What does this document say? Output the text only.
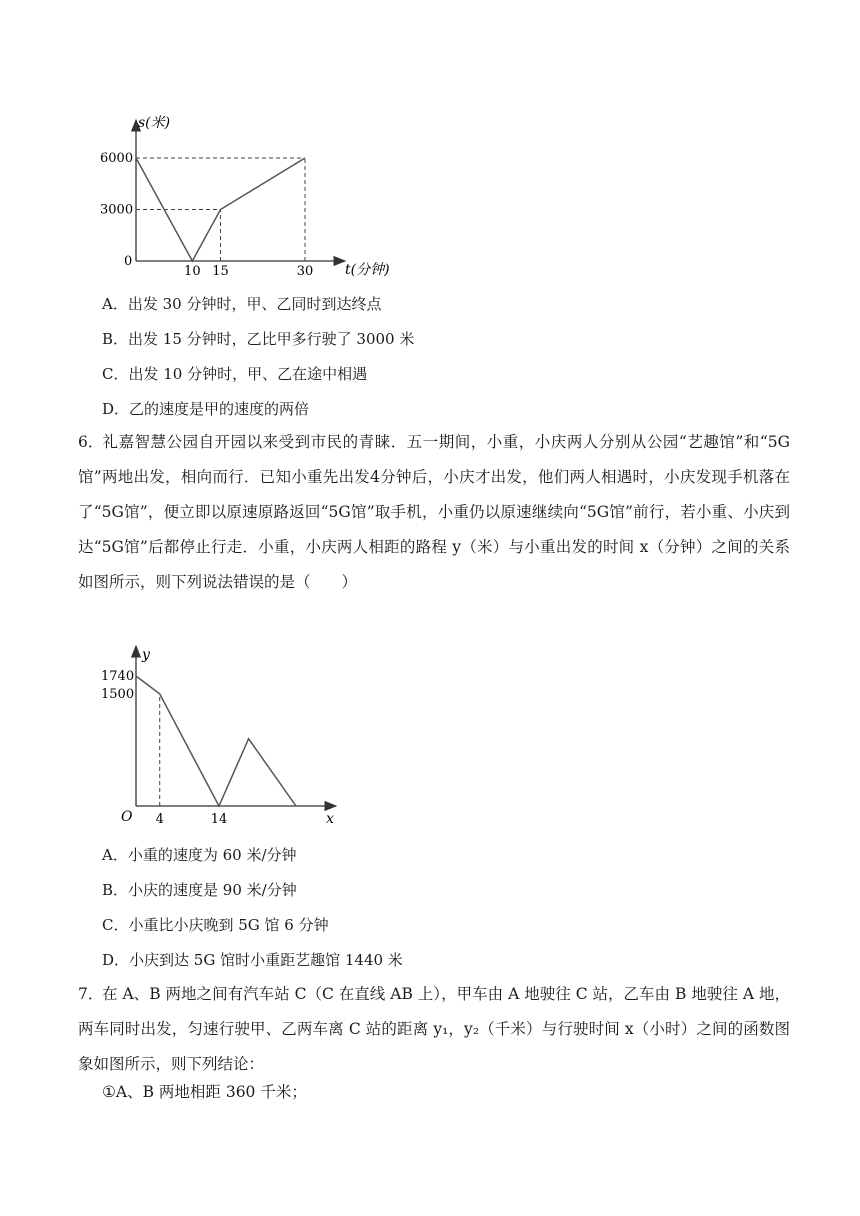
s(米)
t(分钟)
0
6000
3000
10 15	30
A．出发 30 分钟时，甲、乙同时到达终点
B．出发 15 分钟时，乙比甲多行驶了 3000 米
C．出发 10 分钟时，甲、乙在途中相遇
D．乙的速度是甲的速度的两倍
6．礼嘉智慧公园自开园以来受到市民的青睐．五一期间，小重，小庆两人分别从公园“艺趣馆”和“5G馆”两地出发，相向而行．已知小重先出发4分钟后，小庆才出发，他们两人相遇时，小庆发现手机落在了“5G馆”，便立即以原速原路返回“5G馆”取手机，小重仍以原速继续向“5G馆”前行，若小重、小庆到达“5G馆”后都停止行走．小重，小庆两人相距的路程 y（米）与小重出发的时间 x（分钟）之间的关系如图所示，则下列说法错误的是（　　）
y
x
O
1740
1500
4	14
A．小重的速度为 60 米/分钟
B．小庆的速度是 90 米/分钟
C．小重比小庆晚到 5G 馆 6 分钟
D．小庆到达 5G 馆时小重距艺趣馆 1440 米
7．在 A、B 两地之间有汽车站 C（C 在直线 AB 上），甲车由 A 地驶往 C 站，乙车由 B 地驶往 A 地，两车同时出发，匀速行驶甲、乙两车离 C 站的距离 y₁，y₂（千米）与行驶时间 x（小时）之间的函数图象如图所示，则下列结论：
①A、B 两地相距 360 千米；
